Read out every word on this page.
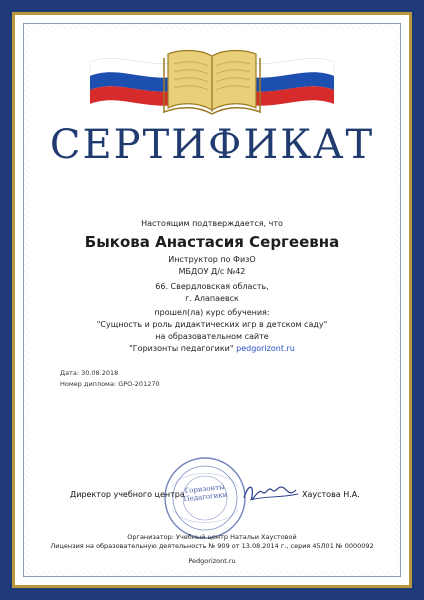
СЕРТИФИКАТ
Настоящим подтверждается, что
Быкова Анастасия Сергеевна
Инструктор по ФизО
МБДОУ Д/с №42
66. Свердловская область,
г. Алапаевск
прошел(ла) курс обучения:
"Сущность и роль дидактических игр в детском саду"
на образовательном сайте
"Горизонты педагогики" pedgorizont.ru
Дата: 30.08.2018
Номер диплома: GPO-201270
Директор учебного центра Горизонты Педагогики	Хаустова Н.А.
Организатор: Учебный центр Натальи Хаустовой
Лицензия на образовательную деятельность № 909 от 13.08.2014 г., серия 45Л01 № 0000092
Pedgorizont.ru
